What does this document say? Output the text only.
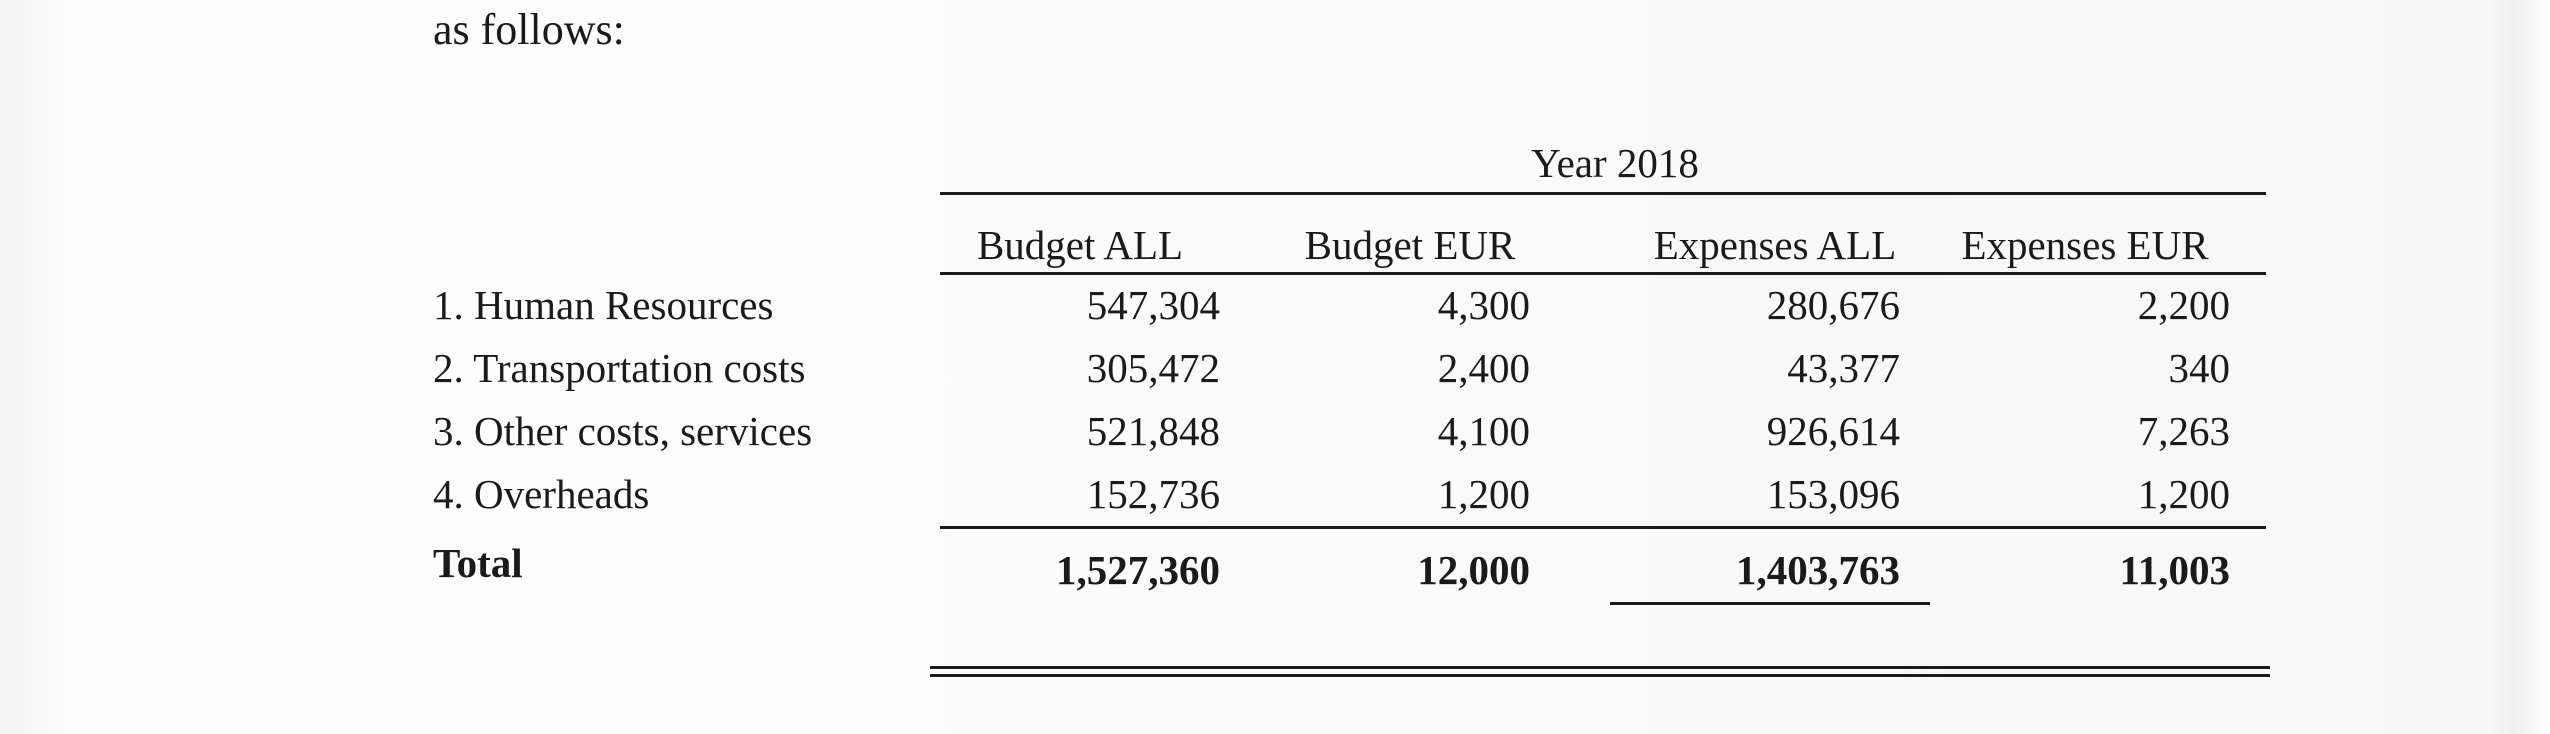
as follows:
Year 2018
Budget ALL	Budget EUR	Expenses ALL	Expenses EUR
1. Human Resources	547,304	4,300	280,676	2,200
2. Transportation costs	305,472	2,400	43,377	340
3. Other costs, services	521,848	4,100	926,614	7,263
4. Overheads	152,736	1,200	153,096	1,200
Total	1,527,360	12,000	1,403,763	11,003
